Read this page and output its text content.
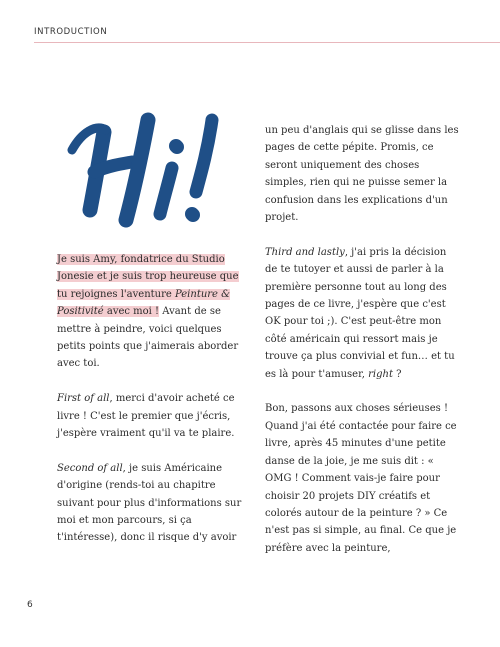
INTRODUCTION

Je suis Amy, fondatrice du Studio Jonesie et je suis trop heureuse que tu rejoignes l'aventure Peinture & Positivité avec moi ! Avant de se mettre à peindre, voici quelques petits points que j'aimerais aborder avec toi.

First of all, merci d'avoir acheté ce livre ! C'est le premier que j'écris, j'espère vraiment qu'il va te plaire.

Second of all, je suis Américaine d'origine (rends-toi au chapitre suivant pour plus d'informations sur moi et mon parcours, si ça t'intéresse), donc il risque d'y avoir

un peu d'anglais qui se glisse dans les pages de cette pépite. Promis, ce seront uniquement des choses simples, rien qui ne puisse semer la confusion dans les explications d'un projet.

Third and lastly, j'ai pris la décision de te tutoyer et aussi de parler à la première personne tout au long des pages de ce livre, j'espère que c'est OK pour toi ;). C'est peut-être mon côté américain qui ressort mais je trouve ça plus convivial et fun… et tu es là pour t'amuser, right ?

Bon, passons aux choses sérieuses ! Quand j'ai été contactée pour faire ce livre, après 45 minutes d'une petite danse de la joie, je me suis dit : « OMG ! Comment vais-je faire pour choisir 20 projets DIY créatifs et colorés autour de la peinture ? » Ce n'est pas si simple, au final. Ce que je préfère avec la peinture,

6
